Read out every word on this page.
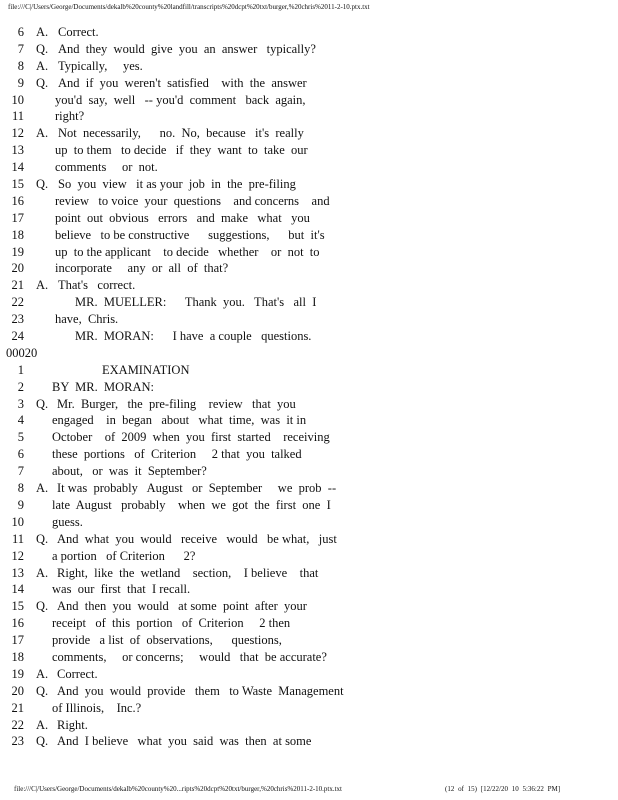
file:///C|/Users/George/Documents/dekalb%20county%20landfill/transcripts%20dcpt%20txt/burger,%20chris%2011-2-10.ptx.txt
6 A. Correct.
7 Q. And  they  would  give  you  an  answer   typically?
8 A. Typically,     yes.
9 Q. And  if  you  weren't  satisfied    with  the  answer
10 you'd  say,  well   -- you'd  comment   back  again,
11 right?
12 A. Not  necessarily,      no.  No,  because   it's  really
13 up  to them   to decide   if  they  want  to  take  our
14 comments     or  not.
15 Q. So  you  view   it as your  job  in  the  pre-filing
16 review   to voice  your  questions    and concerns    and
17 point  out  obvious   errors   and  make   what   you
18 believe   to be constructive      suggestions,      but  it's
19 up  to the applicant    to decide   whether    or  not  to
20 incorporate     any  or  all  of  that?
21 A. That's   correct.
22	MR.  MUELLER:      Thank  you.   That's   all  I
23 have,  Chris.
24	MR.  MORAN:      I have  a couple   questions.
00020
1	EXAMINATION
2 BY  MR.  MORAN:
3 Q. Mr.  Burger,   the  pre-filing    review   that  you
4 engaged    in  began   about   what  time,  was  it in
5 October    of  2009  when  you  first  started    receiving
6 these  portions   of  Criterion     2 that  you  talked
7 about,   or  was  it  September?
8 A. It was  probably   August   or  September     we  prob  --
9 late  August   probably    when  we  got  the  first  one  I
10 guess.
11 Q. And  what  you  would   receive   would   be what,   just
12 a portion   of Criterion      2?
13 A. Right,  like  the  wetland    section,    I believe    that
14 was  our  first  that  I recall.
15 Q. And  then  you  would   at some  point  after  your
16 receipt   of  this  portion   of  Criterion     2 then
17 provide   a list  of  observations,      questions,
18 comments,     or concerns;     would   that  be accurate?
19 A. Correct.
20 Q. And  you  would  provide   them   to Waste  Management
21 of Illinois,    Inc.?
22 A. Right.
23 Q. And  I believe   what  you  said  was  then  at some
file:///C|/Users/George/Documents/dekalb%20county%20...ripts%20dcpt%20txt/burger,%20chris%2011-2-10.ptx.txt	(12 of 15) [12/22/20 10 5:36:22 PM]
